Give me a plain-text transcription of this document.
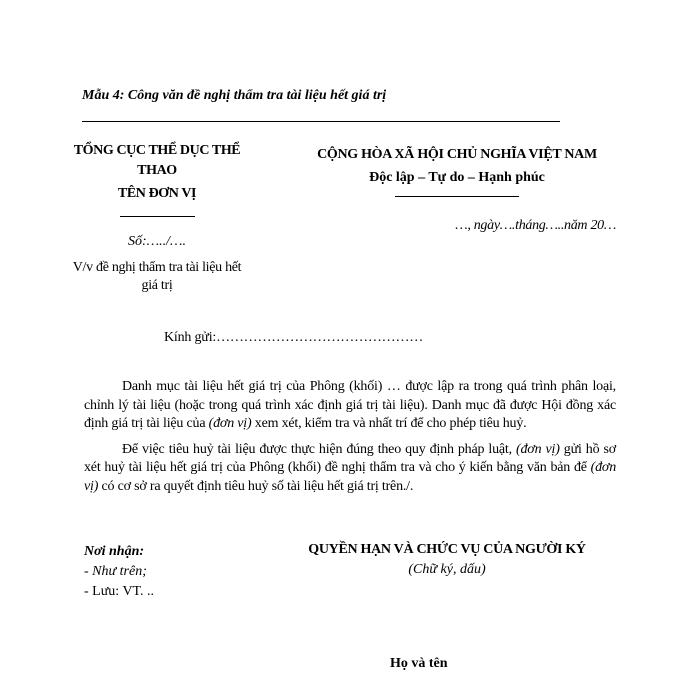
Mẫu 4: Công văn đề nghị thẩm tra tài liệu hết giá trị
TỔNG CỤC THỂ DỤC THỂ
THAO
TÊN ĐƠN VỊ
Số:…../….
V/v đề nghị thẩm tra tài liệu hết
giá trị
CỘNG HÒA XÃ HỘI CHỦ NGHĨA VIỆT NAM
Độc lập – Tự do – Hạnh phúc
…, ngày….tháng…..năm 20…
Kính gửi:………………………………………

Danh mục tài liệu hết giá trị của Phông (khối) … được lập ra trong quá trình phân loại, chỉnh lý tài liệu (hoặc trong quá trình xác định giá trị tài liệu). Danh mục đã được Hội đồng xác định giá trị tài liệu của (đơn vị) xem xét, kiểm tra và nhất trí để cho phép tiêu huỷ.

Để việc tiêu huỷ tài liệu được thực hiện đúng theo quy định pháp luật, (đơn vị) gửi hồ sơ xét huỷ tài liệu hết giá trị của Phông (khối) đề nghị thẩm tra và cho ý kiến bằng văn bản để (đơn vị) có cơ sở ra quyết định tiêu huỷ số tài liệu hết giá trị trên./.

Nơi nhận:
- Như trên;
- Lưu: VT. ..
QUYỀN HẠN VÀ CHỨC VỤ CỦA NGƯỜI KÝ
(Chữ ký, dấu)
Họ và tên
